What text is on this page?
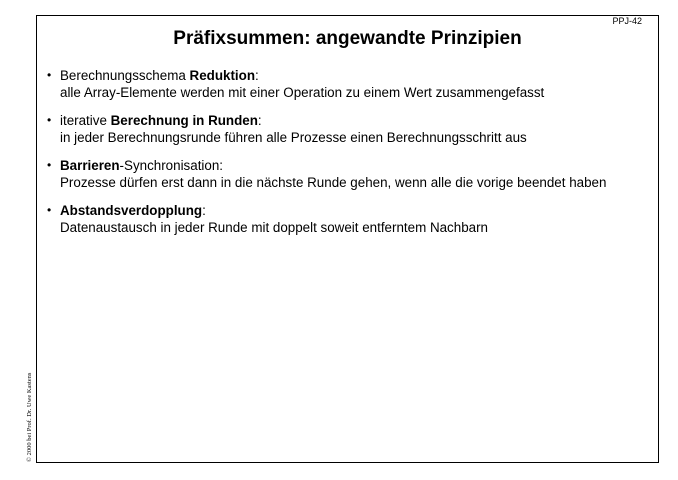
PPJ-42
Präfixsummen: angewandte Prinzipien
• Berechnungsschema Reduktion:
alle Array-Elemente werden mit einer Operation zu einem Wert zusammengefasst
• iterative Berechnung in Runden:
in jeder Berechnungsrunde führen alle Prozesse einen Berechnungsschritt aus
• Barrieren-Synchronisation:
Prozesse dürfen erst dann in die nächste Runde gehen, wenn alle die vorige beendet haben
• Abstandsverdopplung:
Datenaustausch in jeder Runde mit doppelt soweit entferntem Nachbarn
© 2000 bei Prof. Dr. Uwe Kastens
